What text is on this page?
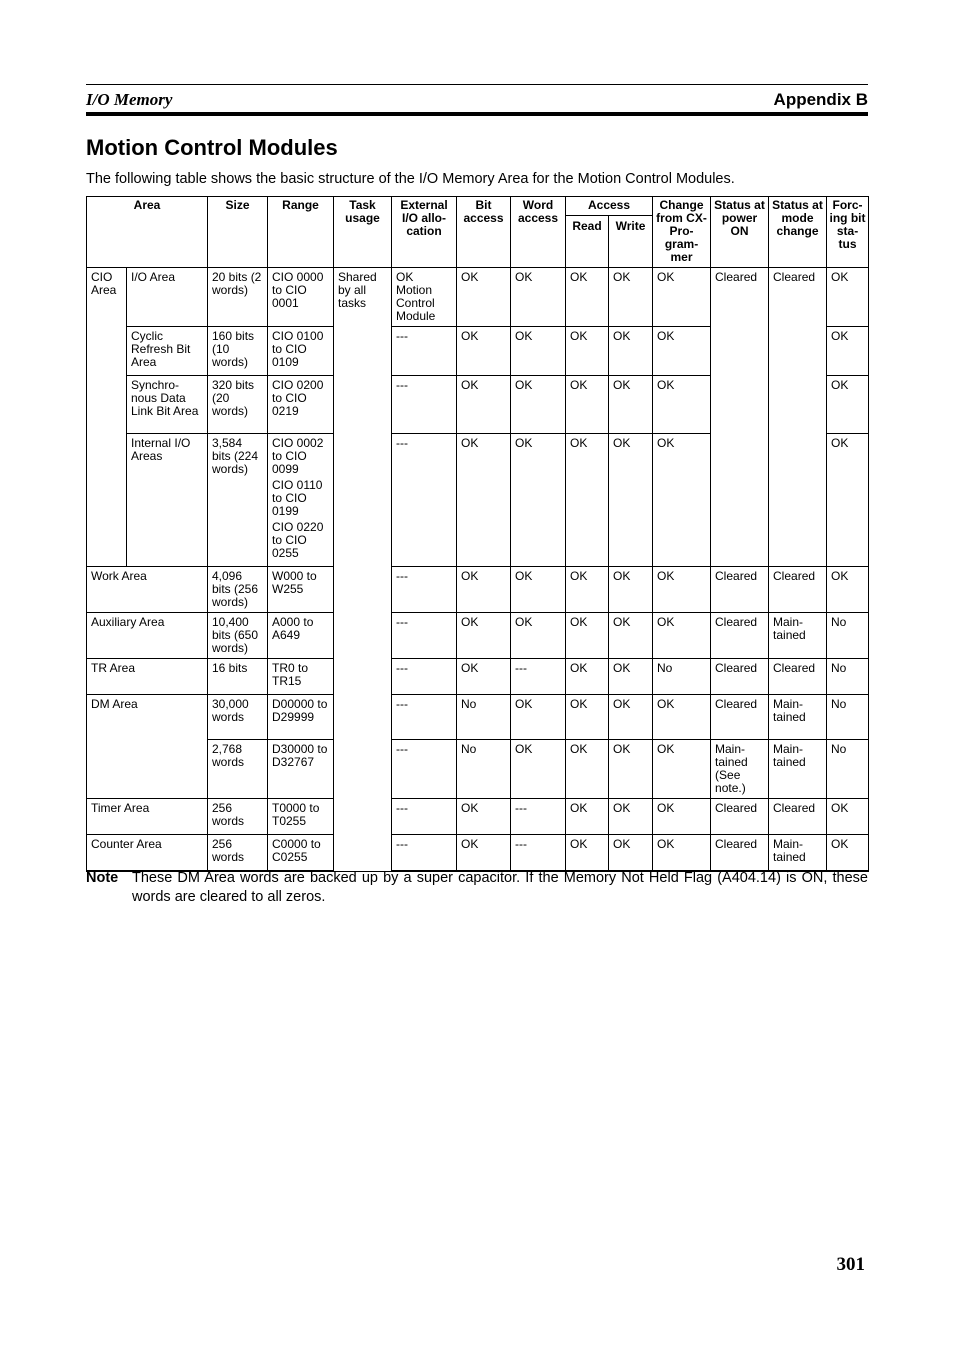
I/O Memory	Appendix B
Motion Control Modules
The following table shows the basic structure of the I/O Memory Area for the Motion Control Modules.
Area		Size	Range	Task usage	External I/O allo-cation	Bit access	Word access	Access		Change from CX-Pro-gram-mer	Status at power ON	Status at mode change	Forc-ing bit sta-tus
								Read	Write				
CIO Area	I/O Area	20 bits (2 words)	CIO 0000 to CIO 0001	Shared by all tasks	OK Motion Control Module	OK	OK	OK	OK	OK	Cleared	Cleared	OK
	Cyclic Refresh Bit Area	160 bits (10 words)	CIO 0100 to CIO 0109		---	OK	OK	OK	OK	OK			OK
	Synchro-nous Data Link Bit Area	320 bits (20 words)	CIO 0200 to CIO 0219		---	OK	OK	OK	OK	OK			OK
	Internal I/O Areas	3,584 bits (224 words)	CIO 0002 to CIO 0099
CIO 0110 to CIO 0199
CIO 0220 to CIO 0255		---	OK	OK	OK	OK	OK			OK
Work Area		4,096 bits (256 words)	W000 to W255		---	OK	OK	OK	OK	OK	Cleared	Cleared	OK
Auxiliary Area		10,400 bits (650 words)	A000 to A649		---	OK	OK	OK	OK	OK	Cleared	Main-tained	No
TR Area		16 bits	TR0 to TR15		---	OK	---	OK	OK	No	Cleared	Cleared	No
DM Area		30,000 words	D00000 to D29999		---	No	OK	OK	OK	OK	Cleared	Main-tained	No
		2,768 words	D30000 to D32767		---	No	OK	OK	OK	OK	Main-tained (See note.)	Main-tained	No
Timer Area		256 words	T0000 to T0255		---	OK	---	OK	OK	OK	Cleared	Cleared	OK
Counter Area		256 words	C0000 to C0255		---	OK	---	OK	OK	OK	Cleared	Main-tained	OK
Note These DM Area words are backed up by a super capacitor. If the Memory Not Held Flag (A404.14) is ON, these words are cleared to all zeros.
301
